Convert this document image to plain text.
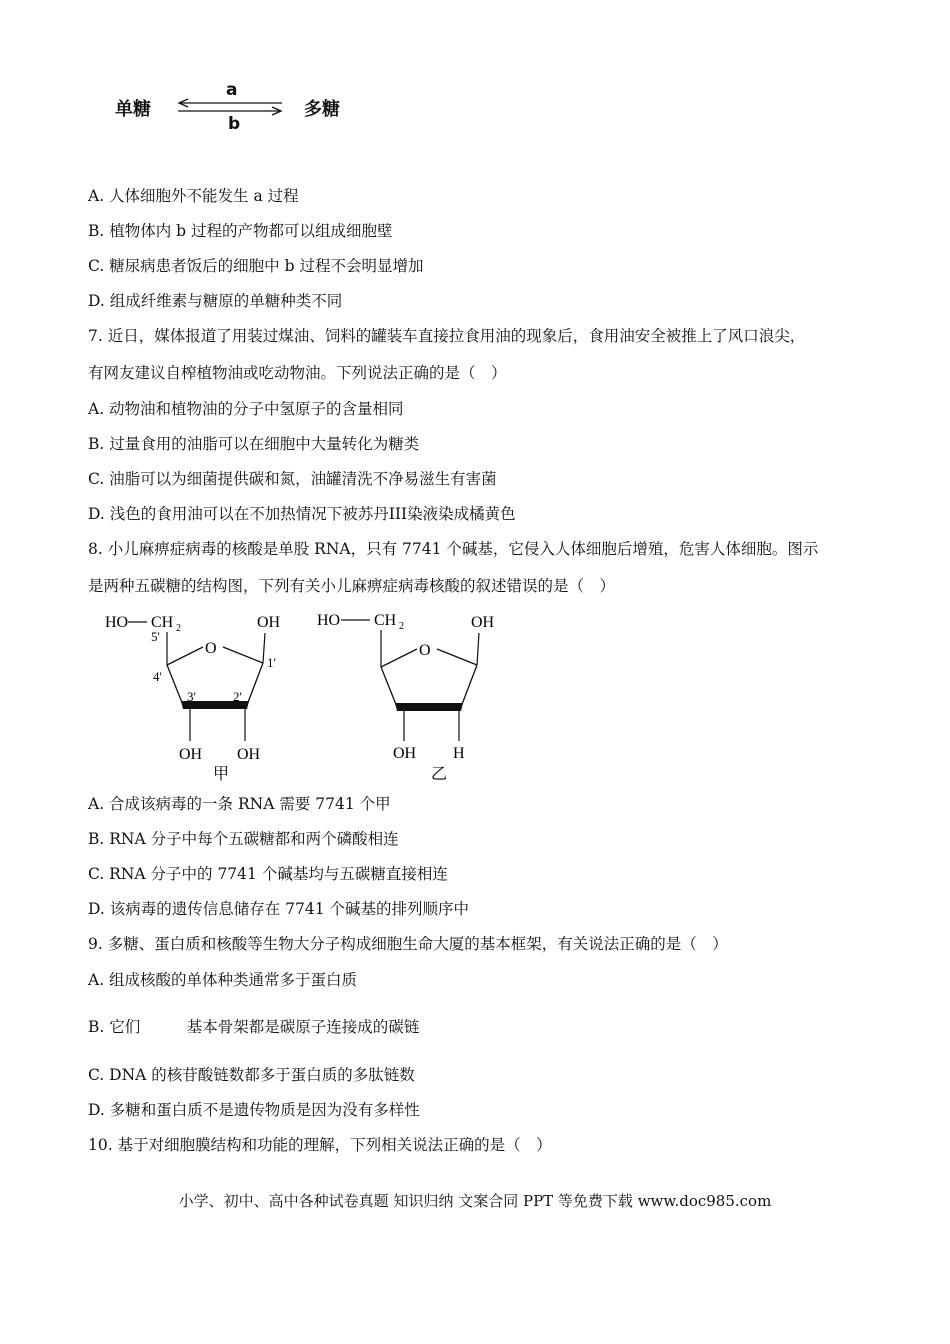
单糖	多糖
a
b
A. 人体细胞外不能发生 a 过程
B. 植物体内 b 过程的产物都可以组成细胞壁
C. 糖尿病患者饭后的细胞中 b 过程不会明显增加
D. 组成纤维素与糖原的单糖种类不同
7. 近日，媒体报道了用装过煤油、饲料的罐装车直接拉食用油的现象后，食用油安全被推上了风口浪尖，
有网友建议自榨植物油或吃动物油。下列说法正确的是（　）
A. 动物油和植物油的分子中氢原子的含量相同
B. 过量食用的油脂可以在细胞中大量转化为糖类
C. 油脂可以为细菌提供碳和氮，油罐清洗不净易滋生有害菌
D. 浅色的食用油可以在不加热情况下被苏丹III染液染成橘黄色
8. 小儿麻痹症病毒的核酸是单股 RNA，只有 7741 个碱基，它侵入人体细胞后增殖，危害人体细胞。图示
是两种五碳糖的结构图，下列有关小儿麻痹症病毒核酸的叙述错误的是（　）
HO CH 2
5'
OH
O
4'
3'	2'
1'
OH OH
甲
HO CH 2	OH
O
OH H
乙
A. 合成该病毒的一条 RNA 需要 7741 个甲
B. RNA 分子中每个五碳糖都和两个磷酸相连
C. RNA 分子中的 7741 个碱基均与五碳糖直接相连
D. 该病毒的遗传信息储存在 7741 个碱基的排列顺序中
9. 多糖、蛋白质和核酸等生物大分子构成细胞生命大厦的基本框架，有关说法正确的是（　）
A. 组成核酸的单体种类通常多于蛋白质
B. 它们　　　基本骨架都是碳原子连接成的碳链
C. DNA 的核苷酸链数都多于蛋白质的多肽链数
D. 多糖和蛋白质不是遗传物质是因为没有多样性
10. 基于对细胞膜结构和功能的理解，下列相关说法正确的是（　）
小学、初中、高中各种试卷真题 知识归纳 文案合同 PPT 等免费下载 www.doc985.com
